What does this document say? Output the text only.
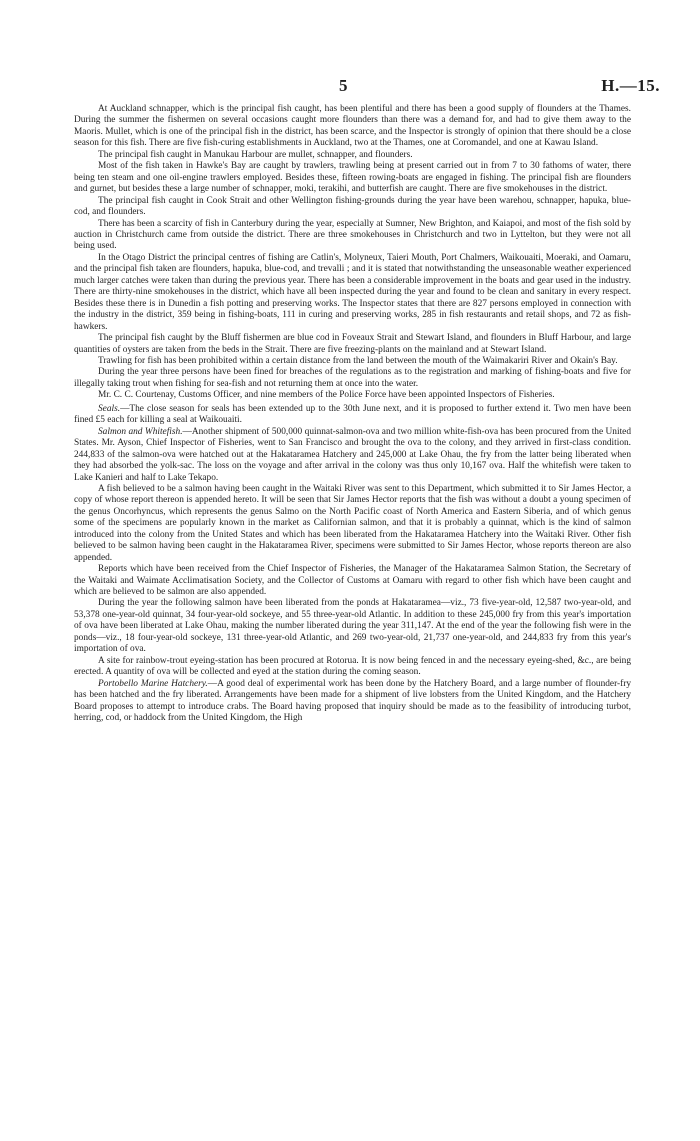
5	H.—15.

At Auckland schnapper, which is the principal fish caught, has been plentiful and there has been a good supply of flounders at the Thames. During the summer the fishermen on several occasions caught more flounders than there was a demand for, and had to give them away to the Maoris. Mullet, which is one of the principal fish in the district, has been scarce, and the Inspector is strongly of opinion that there should be a close season for this fish. There are five fish-curing establishments in Auckland, two at the Thames, one at Coromandel, and one at Kawau Island.

The principal fish caught in Manukau Harbour are mullet, schnapper, and flounders.

Most of the fish taken in Hawke's Bay are caught by trawlers, trawling being at present carried out in from 7 to 30 fathoms of water, there being ten steam and one oil-engine trawlers employed. Besides these, fifteen rowing-boats are engaged in fishing. The principal fish are flounders and gurnet, but besides these a large number of schnapper, moki, terakihi, and butterfish are caught. There are five smokehouses in the district.

The principal fish caught in Cook Strait and other Wellington fishing-grounds during the year have been warehou, schnapper, hapuka, blue-cod, and flounders.

There has been a scarcity of fish in Canterbury during the year, especially at Sumner, New Brighton, and Kaiapoi, and most of the fish sold by auction in Christchurch came from outside the district. There are three smokehouses in Christchurch and two in Lyttelton, but they were not all being used.

In the Otago District the principal centres of fishing are Catlin's, Molyneux, Taieri Mouth, Port Chalmers, Waikouaiti, Moeraki, and Oamaru, and the principal fish taken are flounders, hapuka, blue-cod, and trevalli ; and it is stated that notwithstanding the unseasonable weather experienced much larger catches were taken than during the previous year. There has been a considerable improvement in the boats and gear used in the industry. There are thirty-nine smokehouses in the district, which have all been inspected during the year and found to be clean and sanitary in every respect. Besides these there is in Dunedin a fish potting and preserving works. The Inspector states that there are 827 persons employed in connection with the industry in the district, 359 being in fishing-boats, 111 in curing and preserving works, 285 in fish restaurants and retail shops, and 72 as fish-hawkers.

The principal fish caught by the Bluff fishermen are blue cod in Foveaux Strait and Stewart Island, and flounders in Bluff Harbour, and large quantities of oysters are taken from the beds in the Strait. There are five freezing-plants on the mainland and at Stewart Island.

Trawling for fish has been prohibited within a certain distance from the land between the mouth of the Waimakariri River and Okain's Bay.

During the year three persons have been fined for breaches of the regulations as to the registration and marking of fishing-boats and five for illegally taking trout when fishing for sea-fish and not returning them at once into the water.

Mr. C. C. Courtenay, Customs Officer, and nine members of the Police Force have been appointed Inspectors of Fisheries.

Seals.—The close season for seals has been extended up to the 30th June next, and it is proposed to further extend it. Two men have been fined £5 each for killing a seal at Waikouaiti.

Salmon and Whitefish.—Another shipment of 500,000 quinnat-salmon-ova and two million white-fish-ova has been procured from the United States. Mr. Ayson, Chief Inspector of Fisheries, went to San Francisco and brought the ova to the colony, and they arrived in first-class condition. 244,833 of the salmon-ova were hatched out at the Hakataramea Hatchery and 245,000 at Lake Ohau, the fry from the latter being liberated when they had absorbed the yolk-sac. The loss on the voyage and after arrival in the colony was thus only 10,167 ova. Half the whitefish were taken to Lake Kanieri and half to Lake Tekapo.

A fish believed to be a salmon having been caught in the Waitaki River was sent to this Department, which submitted it to Sir James Hector, a copy of whose report thereon is appended hereto. It will be seen that Sir James Hector reports that the fish was without a doubt a young specimen of the genus Oncorhyncus, which represents the genus Salmo on the North Pacific coast of North America and Eastern Siberia, and of which genus some of the specimens are popularly known in the market as Californian salmon, and that it is probably a quinnat, which is the kind of salmon introduced into the colony from the United States and which has been liberated from the Hakataramea Hatchery into the Waitaki River. Other fish believed to be salmon having been caught in the Hakataramea River, specimens were submitted to Sir James Hector, whose reports thereon are also appended.

Reports which have been received from the Chief Inspector of Fisheries, the Manager of the Hakataramea Salmon Station, the Secretary of the Waitaki and Waimate Acclimatisation Society, and the Collector of Customs at Oamaru with regard to other fish which have been caught and which are believed to be salmon are also appended.

During the year the following salmon have been liberated from the ponds at Hakataramea—viz., 73 five-year-old, 12,587 two-year-old, and 53,378 one-year-old quinnat, 34 four-year-old sockeye, and 55 three-year-old Atlantic. In addition to these 245,000 fry from this year's importation of ova have been liberated at Lake Ohau, making the number liberated during the year 311,147. At the end of the year the following fish were in the ponds—viz., 18 four-year-old sockeye, 131 three-year-old Atlantic, and 269 two-year-old, 21,737 one-year-old, and 244,833 fry from this year's importation of ova.

A site for rainbow-trout eyeing-station has been procured at Rotorua. It is now being fenced in and the necessary eyeing-shed, &c., are being erected. A quantity of ova will be collected and eyed at the station during the coming season.

Portobello Marine Hatchery.—A good deal of experimental work has been done by the Hatchery Board, and a large number of flounder-fry has been hatched and the fry liberated. Arrangements have been made for a shipment of live lobsters from the United Kingdom, and the Hatchery Board proposes to attempt to introduce crabs. The Board having proposed that inquiry should be made as to the feasibility of introducing turbot, herring, cod, or haddock from the United Kingdom, the High
